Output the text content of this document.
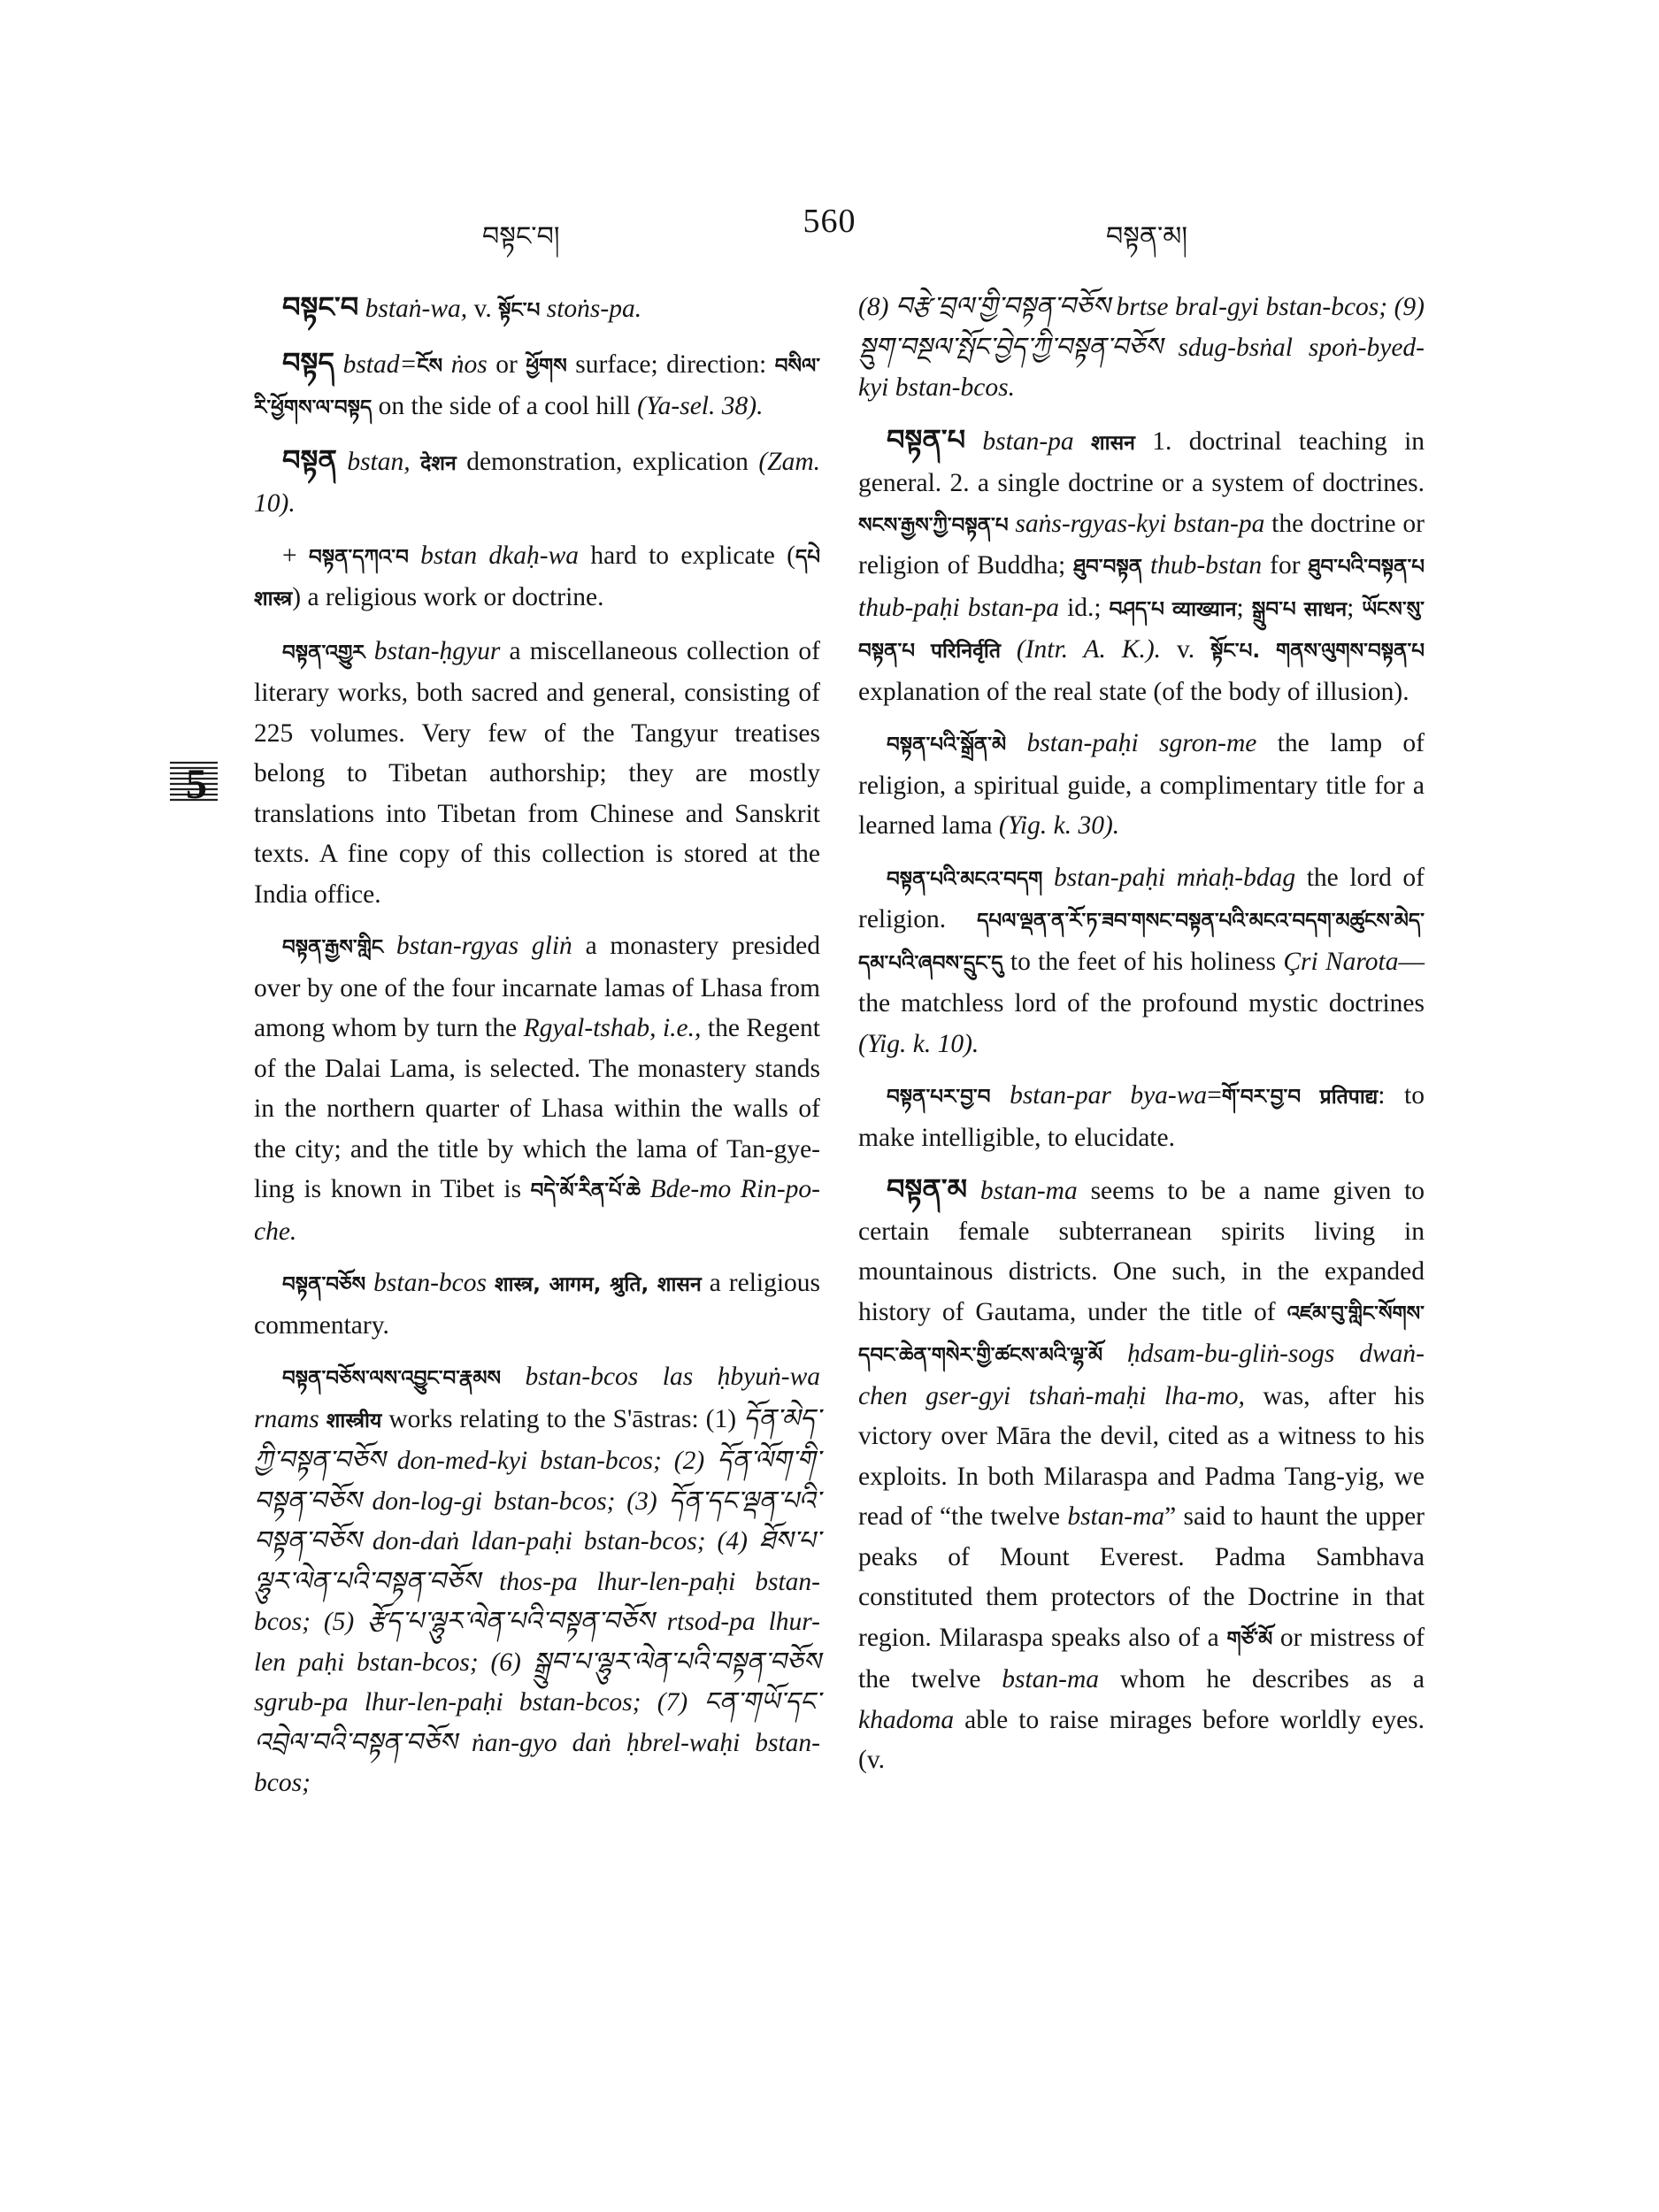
བསྟང་བ།	560	བསྟན་མ།
5

བསྟང་བ bstaṅ-wa, v. སྟོང་པ stoṅs-pa.

བསྟད bstad=ངོས ṅos or ཕྱོགས surface; direction: བསིལ་རི་ཕྱོགས་ལ་བསྟད on the side of a cool hill (Ya-sel. 38).

བསྟན bstan, देशन demonstration, explication (Zam. 10).

+ བསྟན་དཀའ་བ bstan dkaḥ-wa hard to explicate (དཔེ शास्त्र) a religious work or doctrine.

བསྟན་འགྱུར bstan-ḥgyur a miscellaneous collection of literary works, both sacred and general, consisting of 225 volumes. Very few of the Tangyur treatises belong to Tibetan authorship; they are mostly translations into Tibetan from Chinese and Sanskrit texts. A fine copy of this collection is stored at the India office.

བསྟན་རྒྱས་གླིང bstan-rgyas gliṅ a monastery presided over by one of the four incarnate lamas of Lhasa from among whom by turn the Rgyal-tshab, i.e., the Regent of the Dalai Lama, is selected. The monastery stands in the northern quarter of Lhasa within the walls of the city; and the title by which the lama of Tan-gye-ling is known in Tibet is བདེ་མོ་རིན་པོ་ཆེ Bde-mo Rin-po-che.

བསྟན་བཅོས bstan-bcos शास्त्र, आगम, श्रुति, शासन a religious commentary.

བསྟན་བཅོས་ལས་འབྱུང་བ་རྣམས bstan-bcos las ḥbyuṅ-wa rnams शास्त्रीय works relating to the S'āstras: (1) དོན་མེད་ཀྱི་བསྟན་བཅོས don-med-kyi bstan-bcos; (2) དོན་ལོག་གི་བསྟན་བཅོས don-log-gi bstan-bcos; (3) དོན་དང་ལྡན་པའི་བསྟན་བཅོས don-daṅ ldan-paḥi bstan-bcos; (4) ཐོས་པ་ལྷུར་ལེན་པའི་བསྟན་བཅོས thos-pa lhur-len-paḥi bstan-bcos; (5) རྩོད་པ་ལྷུར་ལེན་པའི་བསྟན་བཅོས rtsod-pa lhur-len paḥi bstan-bcos; (6) སྒྲུབ་པ་ལྷུར་ལེན་པའི་བསྟན་བཅོས sgrub-pa lhur-len-paḥi bstan-bcos; (7) ངན་གཡོ་དང་འབྲེལ་བའི་བསྟན་བཅོས ṅan-gyo daṅ ḥbrel-waḥi bstan-bcos;

(8) བརྩེ་བྲལ་གྱི་བསྟན་བཅོས brtse bral-gyi bstan-bcos; (9) སྡུག་བསྔལ་སྤོང་བྱེད་ཀྱི་བསྟན་བཅོས sdug-bsṅal spoṅ-byed-kyi bstan-bcos.

བསྟན་པ bstan-pa शासन 1. doctrinal teaching in general. 2. a single doctrine or a system of doctrines. སངས་རྒྱས་ཀྱི་བསྟན་པ saṅs-rgyas-kyi bstan-pa the doctrine or religion of Buddha; ཐུབ་བསྟན thub-bstan for ཐུབ་པའི་བསྟན་པ thub-paḥi bstan-pa id.; བཤད་པ व्याख्यान; སྒྲུབ་པ साधन; ཡོངས་སུ་བསྟན་པ परिनिर्वृति (Intr. A. K.). v. སྟོང་པ. གནས་ལུགས་བསྟན་པ explanation of the real state (of the body of illusion).

བསྟན་པའི་སྒྲོན་མེ bstan-paḥi sgron-me the lamp of religion, a spiritual guide, a complimentary title for a learned lama (Yig. k. 30).

བསྟན་པའི་མངའ་བདག bstan-paḥi mṅaḥ-bdag the lord of religion. དཔལ་ལྡན་ན་རོ་ཏ་ཟབ་གསང་བསྟན་པའི་མངའ་བདག་མཚུངས་མེད་དམ་པའི་ཞབས་དྲུང་དུ to the feet of his holiness Çri Narota—the matchless lord of the profound mystic doctrines (Yig. k. 10).

བསྟན་པར་བྱ་བ bstan-par bya-wa=གོ་བར་བྱ་བ प्रतिपाद्य: to make intelligible, to elucidate.

བསྟན་མ bstan-ma seems to be a name given to certain female subterranean spirits living in mountainous districts. One such, in the expanded history of Gautama, under the title of འཛམ་བུ་གླིང་སོགས་དབང་ཆེན་གསེར་གྱི་ཚངས་མའི་ལྷ་མོ ḥdsam-bu-gliṅ-sogs dwaṅ-chen gser-gyi tshaṅ-maḥi lha-mo, was, after his victory over Māra the devil, cited as a witness to his exploits. In both Milaraspa and Padma Tang-yig, we read of “the twelve bstan-ma” said to haunt the upper peaks of Mount Everest. Padma Sambhava constituted them protectors of the Doctrine in that region. Milaraspa speaks also of a གཙོ་མོ or mistress of the twelve bstan-ma whom he describes as a khadoma able to raise mirages before worldly eyes. (v.
